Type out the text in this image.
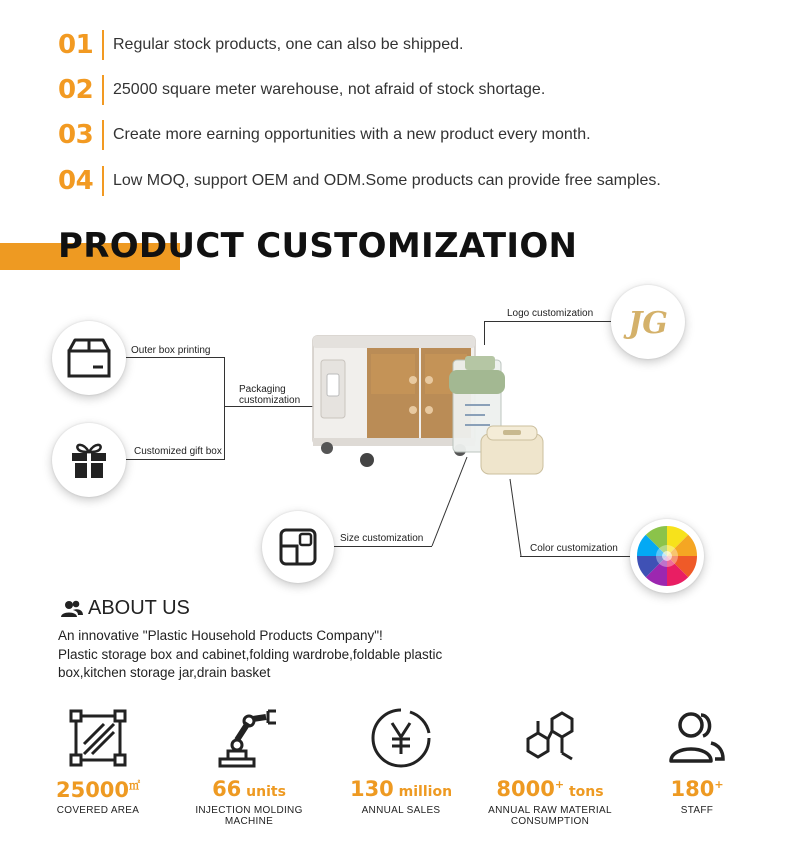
01	Regular stock products, one can also be shipped.
02	25000 square meter warehouse, not afraid of stock shortage.
03	Create more earning opportunities with a new product every month.
04	Low MOQ, support OEM and ODM.Some products can provide free samples.
PRODUCT CUSTOMIZATION
Outer box printing
Customized gift box
Packaging
customization
JG
Logo customization
Size customization
Color customization
ABOUT US
An innovative "Plastic Household Products Company"!
Plastic storage box and cabinet,folding wardrobe,foldable plastic
box,kitchen storage jar,drain basket
25000㎡
COVERED AREA
66 units
INJECTION MOLDING
MACHINE
130 million
ANNUAL SALES
8000+ tons
ANNUAL RAW MATERIAL
CONSUMPTION
180+
STAFF
